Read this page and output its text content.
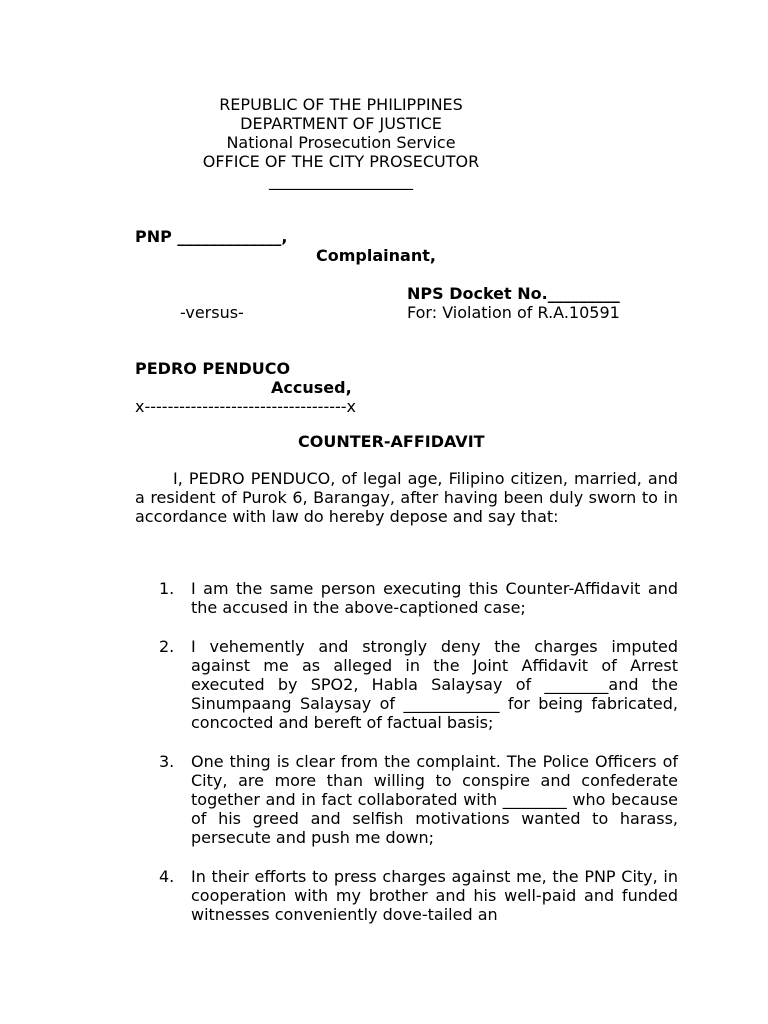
REPUBLIC OF THE PHILIPPINES
DEPARTMENT OF JUSTICE
National Prosecution Service
OFFICE OF THE CITY PROSECUTOR
__________________
PNP _____________,
Complainant,
NPS Docket No._________
-versus-	For: Violation of R.A.10591
PEDRO PENDUCO
Accused,
x-----------------------------------x
COUNTER-AFFIDAVIT

I, PEDRO PENDUCO, of legal age, Filipino citizen, married, and a resident of Purok 6, Barangay, after having been duly sworn to in accordance with law do hereby depose and say that:

1. I am the same person executing this Counter-Affidavit and the accused in the above-captioned case;
2. I vehemently and strongly deny the charges imputed against me as alleged in the Joint Affidavit of Arrest executed by SPO2, Habla Salaysay of ________and the Sinumpaang Salaysay of ____________ for being fabricated, concocted and bereft of factual basis;
3. One thing is clear from the complaint. The Police Officers of City, are more than willing to conspire and confederate together and in fact collaborated with ________ who because of his greed and selfish motivations wanted to harass, persecute and push me down;
4. In their efforts to press charges against me, the PNP City, in cooperation with my brother and his well-paid and funded witnesses conveniently dove-tailed an
